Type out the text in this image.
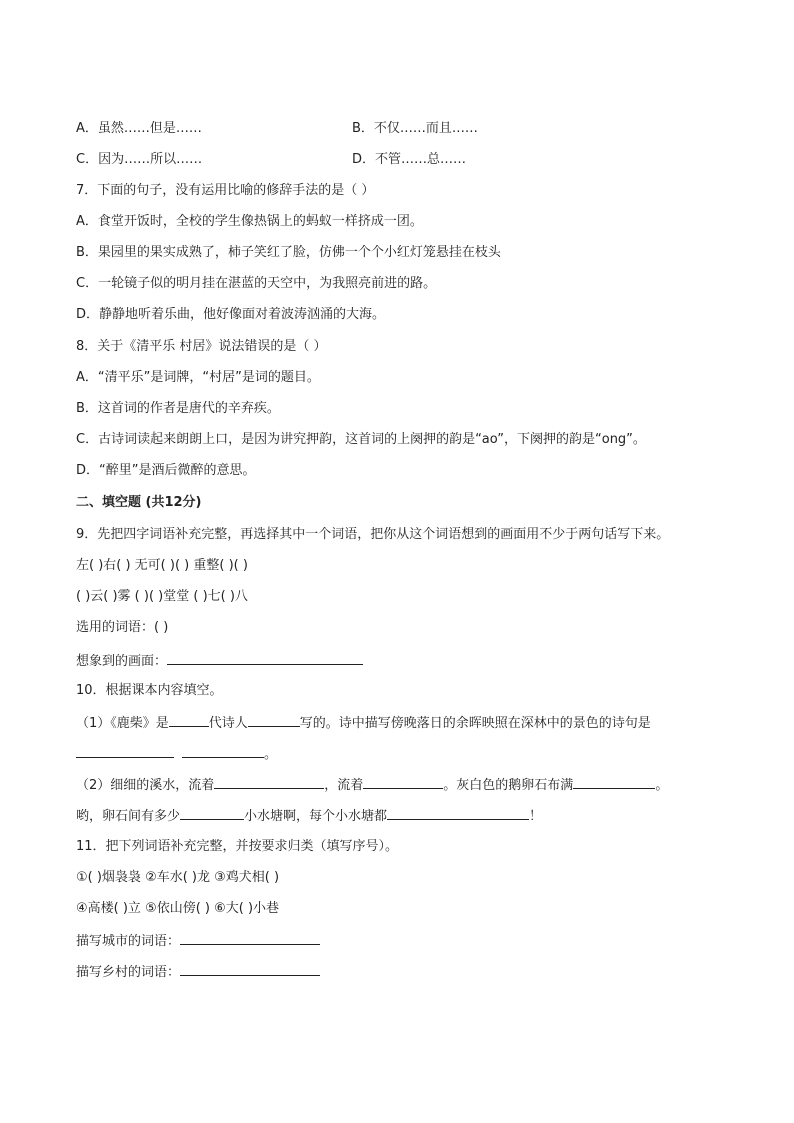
A．虽然……但是……	B．不仅……而且……
C．因为……所以……	D．不管……总……
7．下面的句子，没有运用比喻的修辞手法的是（ ）
A．食堂开饭时，全校的学生像热锅上的蚂蚁一样挤成一团。
B．果园里的果实成熟了，柿子笑红了脸，仿佛一个个小红灯笼悬挂在枝头
C．一轮镜子似的明月挂在湛蓝的天空中，为我照亮前进的路。
D．静静地听着乐曲，他好像面对着波涛汹涌的大海。
8．关于《清平乐 村居》说法错误的是（ ）
A．“清平乐”是词牌，“村居”是词的题目。
B．这首词的作者是唐代的辛弃疾。
C．古诗词读起来朗朗上口，是因为讲究押韵，这首词的上阕押的韵是“ao”，下阕押的韵是“ong”。
D．“醉里”是酒后微醉的意思。
二、填空题 (共12分)
9．先把四字词语补充完整，再选择其中一个词语，把你从这个词语想到的画面用不少于两句话写下来。
左( )右( ) 无可( )( ) 重整( )( )
( )云( )雾 ( )( )堂堂 ( )七( )八
选用的词语：( )
想象到的画面：
10．根据课本内容填空。
（1）《鹿柴》是	代诗人	写的。诗中描写傍晚落日的余晖映照在深林中的景色的诗句是
。
（2）细细的溪水，流着	，流着	。灰白色的鹅卵石布满	。
哟，卵石间有多少	小水塘啊，每个小水塘都	！
11．把下列词语补充完整，并按要求归类（填写序号）。
①( )烟袅袅 ②车水( )龙 ③鸡犬相( )
④高楼( )立 ⑤依山傍( ) ⑥大( )小巷
描写城市的词语：
描写乡村的词语：
